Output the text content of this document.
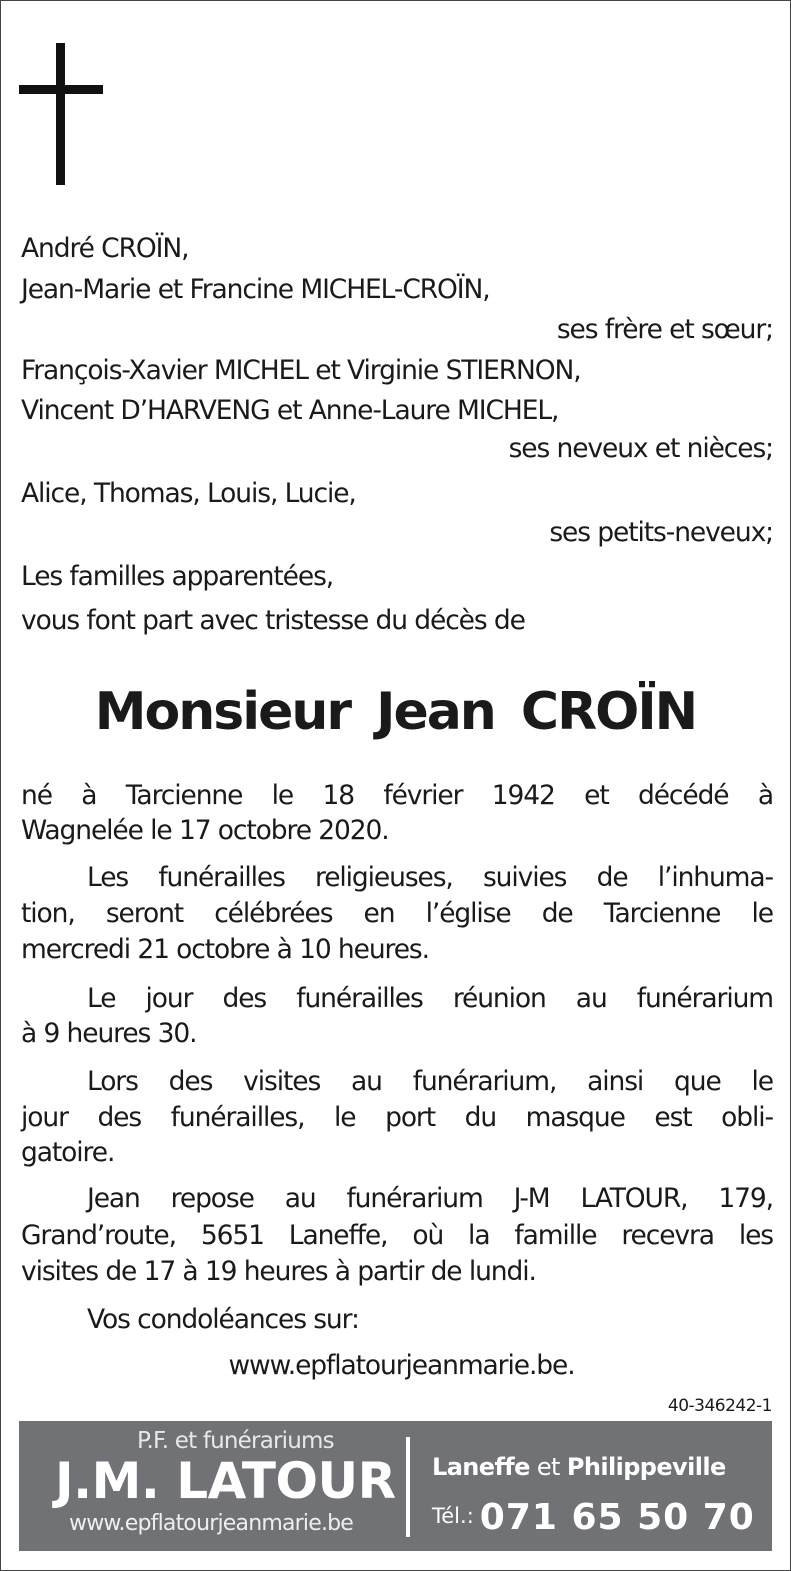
André CROÏN,
Jean-Marie et Francine MICHEL-CROÏN,
ses frère et sœur;
François-Xavier MICHEL et Virginie STIERNON,
Vincent D’HARVENG et Anne-Laure MICHEL,
ses neveux et nièces;
Alice, Thomas, Louis, Lucie,
ses petits-neveux;
Les familles apparentées,
vous font part avec tristesse du décès de
Monsieur Jean CROÏN
né à Tarcienne le 18 février 1942 et décédé à
Wagnelée le 17 octobre 2020.
Les funérailles religieuses, suivies de l’inhuma-
tion, seront célébrées en l’église de Tarcienne le
mercredi 21 octobre à 10 heures.
Le jour des funérailles réunion au funérarium
à 9 heures 30.
Lors des visites au funérarium, ainsi que le
jour des funérailles, le port du masque est obli-
gatoire.
Jean repose au funérarium J-M LATOUR, 179,
Grand’route, 5651 Laneffe, où la famille recevra les
visites de 17 à 19 heures à partir de lundi.
Vos condoléances sur:
www.epflatourjeanmarie.be.
40-346242-1
P.F. et funérariums
J.M. LATOUR
www.epflatourjeanmarie.be
Laneffe et Philippeville
Tél.: 071 65 50 70
